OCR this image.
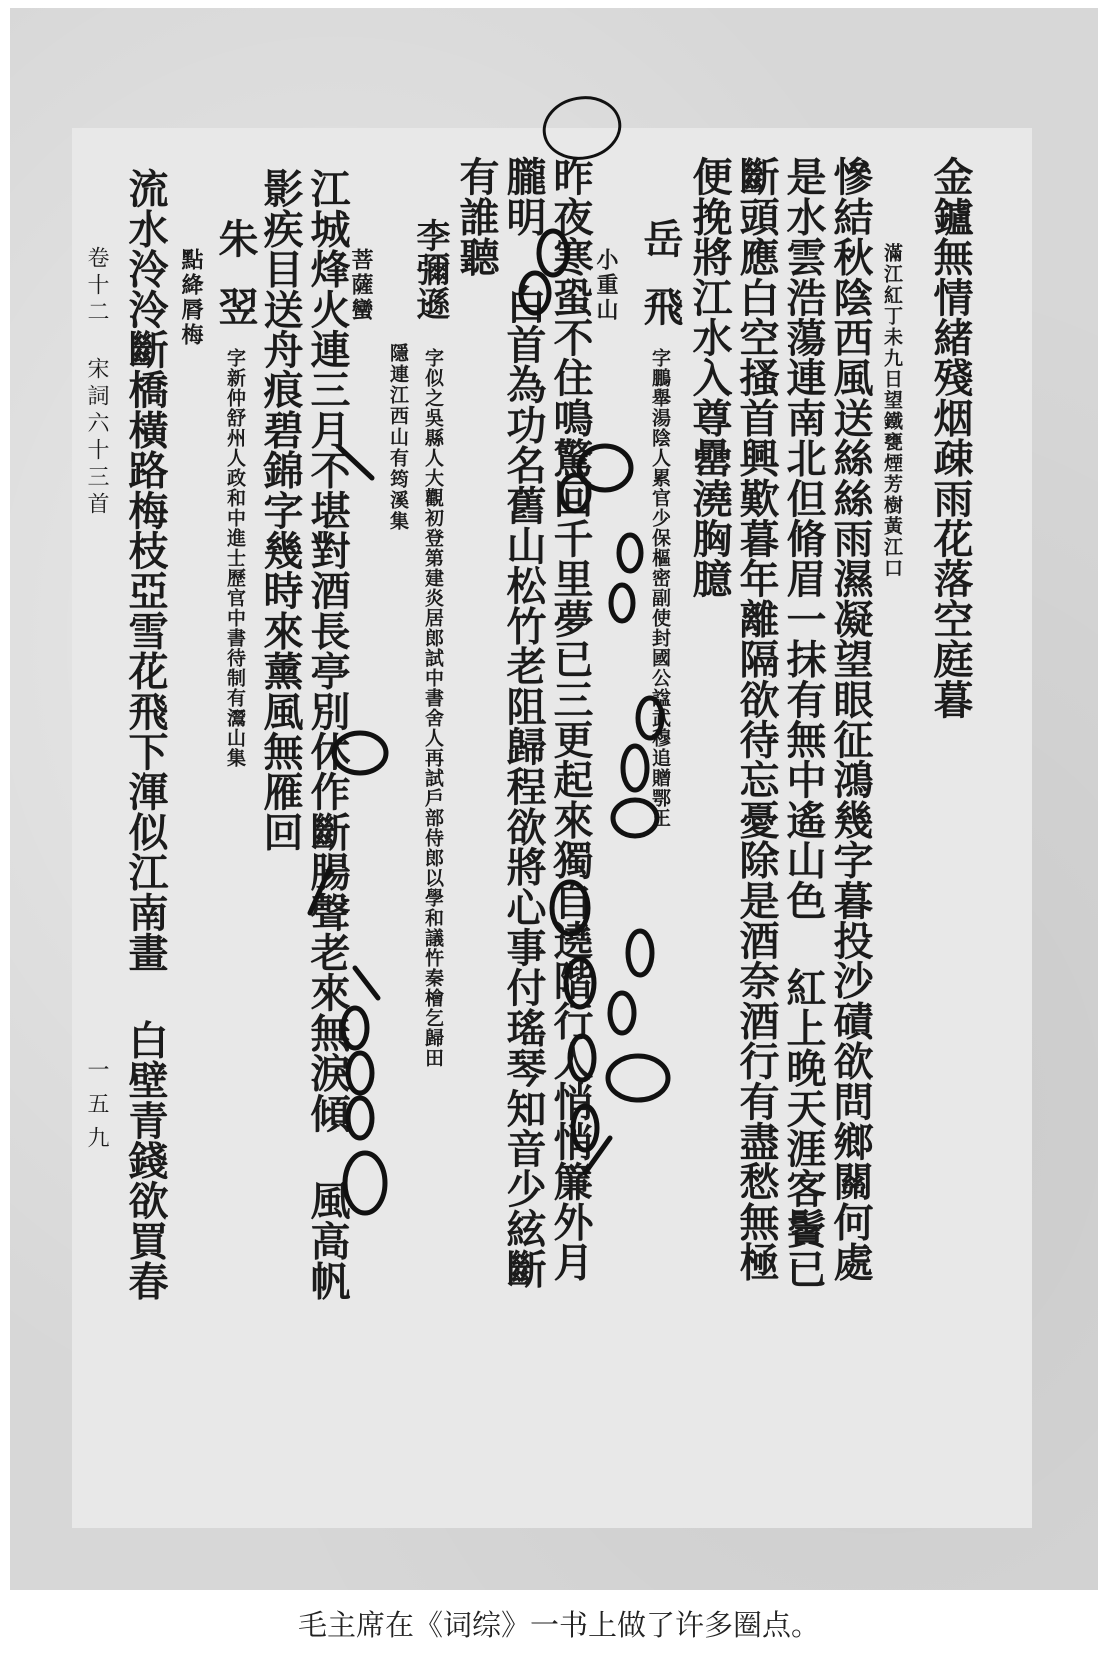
金鑪無情緒殘烟疎雨花落空庭暮
滿江紅丁未九日望鐵甕煙芳樹黃江口
慘結秋陰西風送絲絲雨濕凝望眼征鴻幾字暮投沙磧欲問鄉關何處
是水雲浩蕩連南北但脩眉一抹有無中遙山色 紅上晚天涯客鬢已
斷頭應白空搔首興歎暮年離隔欲待忘憂除是酒奈酒行有盡愁無極
便挽將江水入尊罍澆胸臆
岳飛
字鵬舉湯陰人累官少保樞密副使封國公諡武穆追贈鄂王
小重山
昨夜寒蛩不住鳴驚回千里夢已三更起來獨自遶階行人悄悄簾外月
朧明 白首為功名舊山松竹老阻歸程欲將心事付瑤琴知音少絃斷
有誰聽
李彌遜
字似之吳縣人大觀初登第建炎居郎試中書舍人再試戶部侍郎以學和議忤秦檜乞歸田
隱連江西山有筠溪集
菩薩蠻
江城烽火連三月不堪對酒長亭別休作斷腸聲老來無淚傾 風高帆
影疾目送舟痕碧錦字幾時來薰風無雁回
朱翌
字新仲舒州人政和中進士歷官中書待制有灊山集
點絳脣梅
流水泠泠斷橋橫路梅枝亞雪花飛下渾似江南畫 白壁青錢欲買春
卷十二 宋詞六十三首
一五九
毛主席在《词综》一书上做了许多圈点。
